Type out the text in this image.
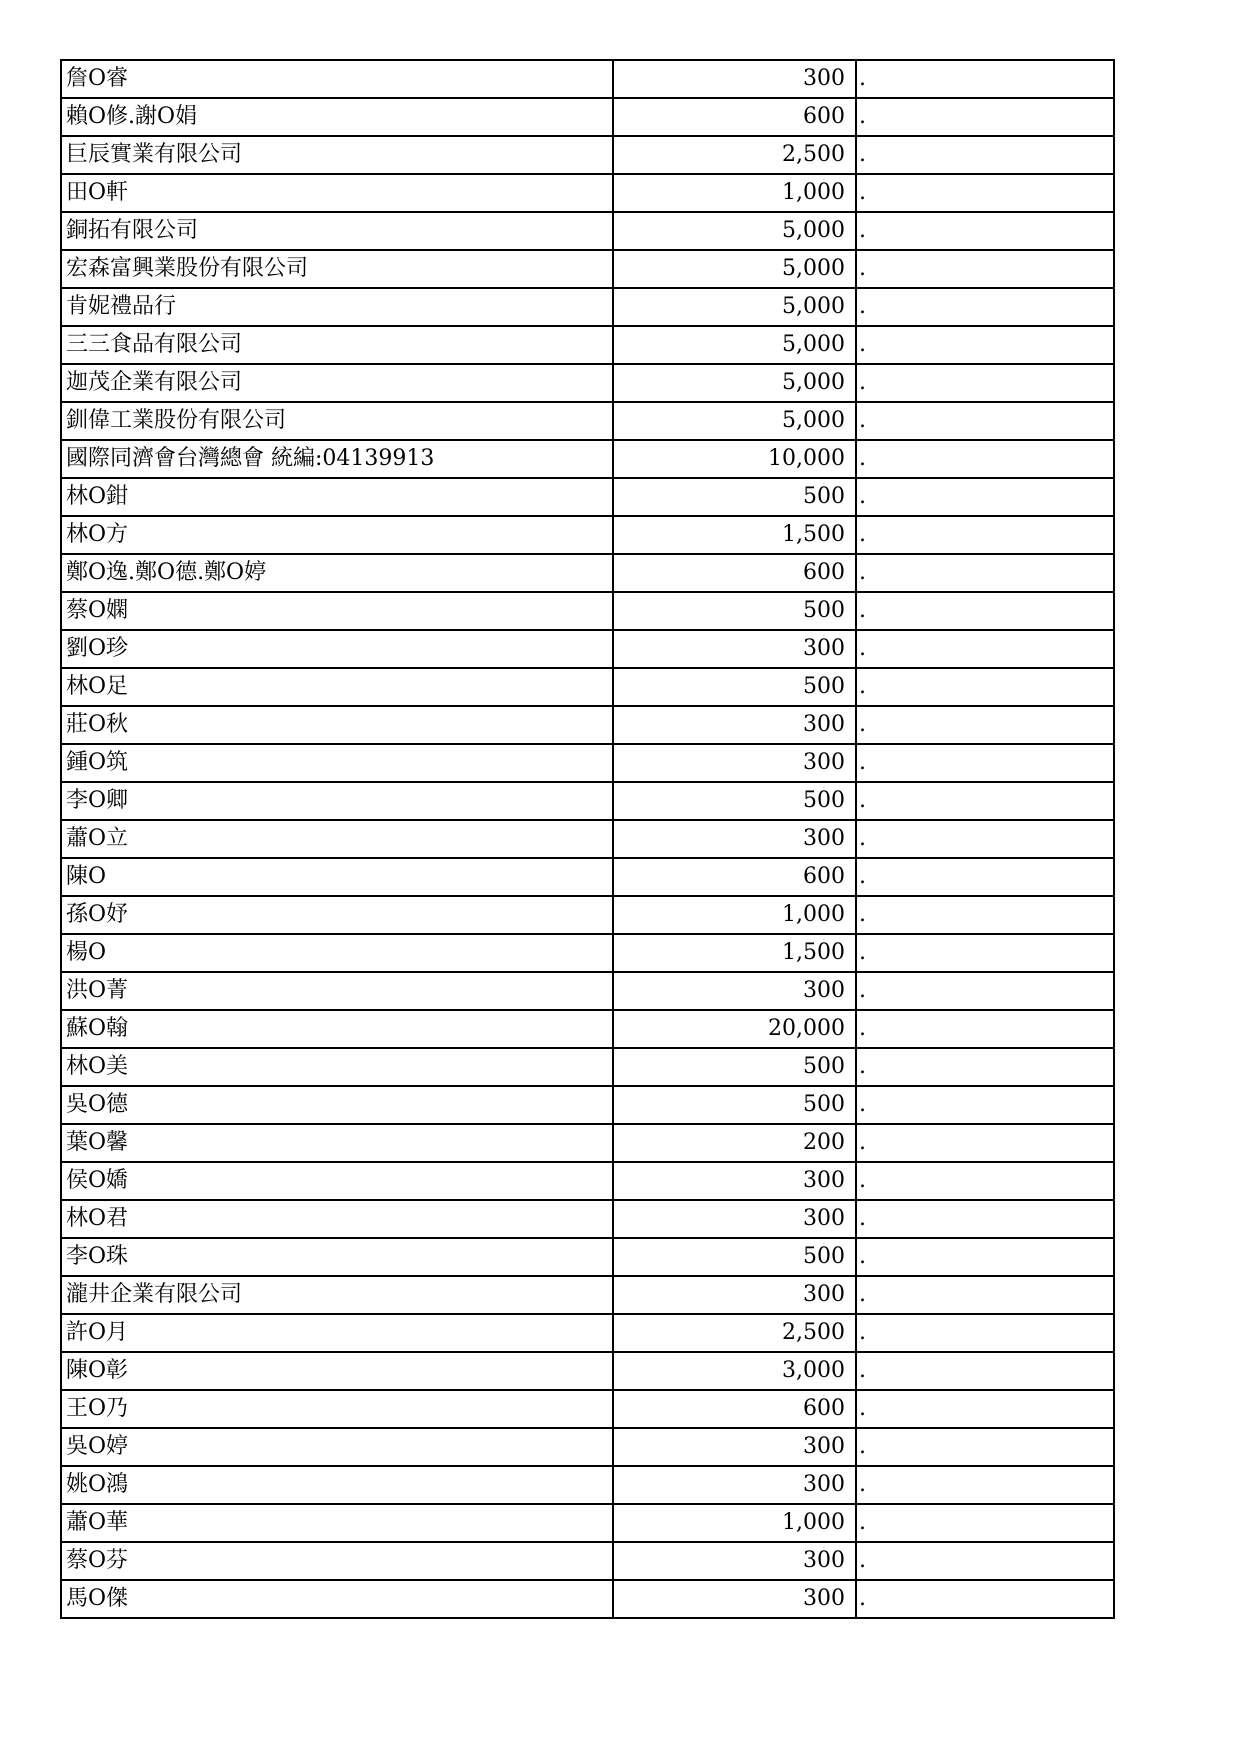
詹O睿	300	.
賴O修.謝O娟	600	.
巨辰實業有限公司	2,500	.
田O軒	1,000	.
銅拓有限公司	5,000	.
宏森富興業股份有限公司	5,000	.
肯妮禮品行	5,000	.
三三食品有限公司	5,000	.
迦茂企業有限公司	5,000	.
釧偉工業股份有限公司	5,000	.
國際同濟會台灣總會 統編:04139913	10,000	.
林O鉗	500	.
林O方	1,500	.
鄭O逸.鄭O德.鄭O婷	600	.
蔡O嫻	500	.
劉O珍	300	.
林O足	500	.
莊O秋	300	.
鍾O筑	300	.
李O卿	500	.
蕭O立	300	.
陳O	600	.
孫O妤	1,000	.
楊O	1,500	.
洪O菁	300	.
蘇O翰	20,000	.
林O美	500	.
吳O德	500	.
葉O馨	200	.
侯O嬌	300	.
林O君	300	.
李O珠	500	.
瀧井企業有限公司	300	.
許O月	2,500	.
陳O彰	3,000	.
王O乃	600	.
吳O婷	300	.
姚O鴻	300	.
蕭O華	1,000	.
蔡O芬	300	.
馬O傑	300	.
